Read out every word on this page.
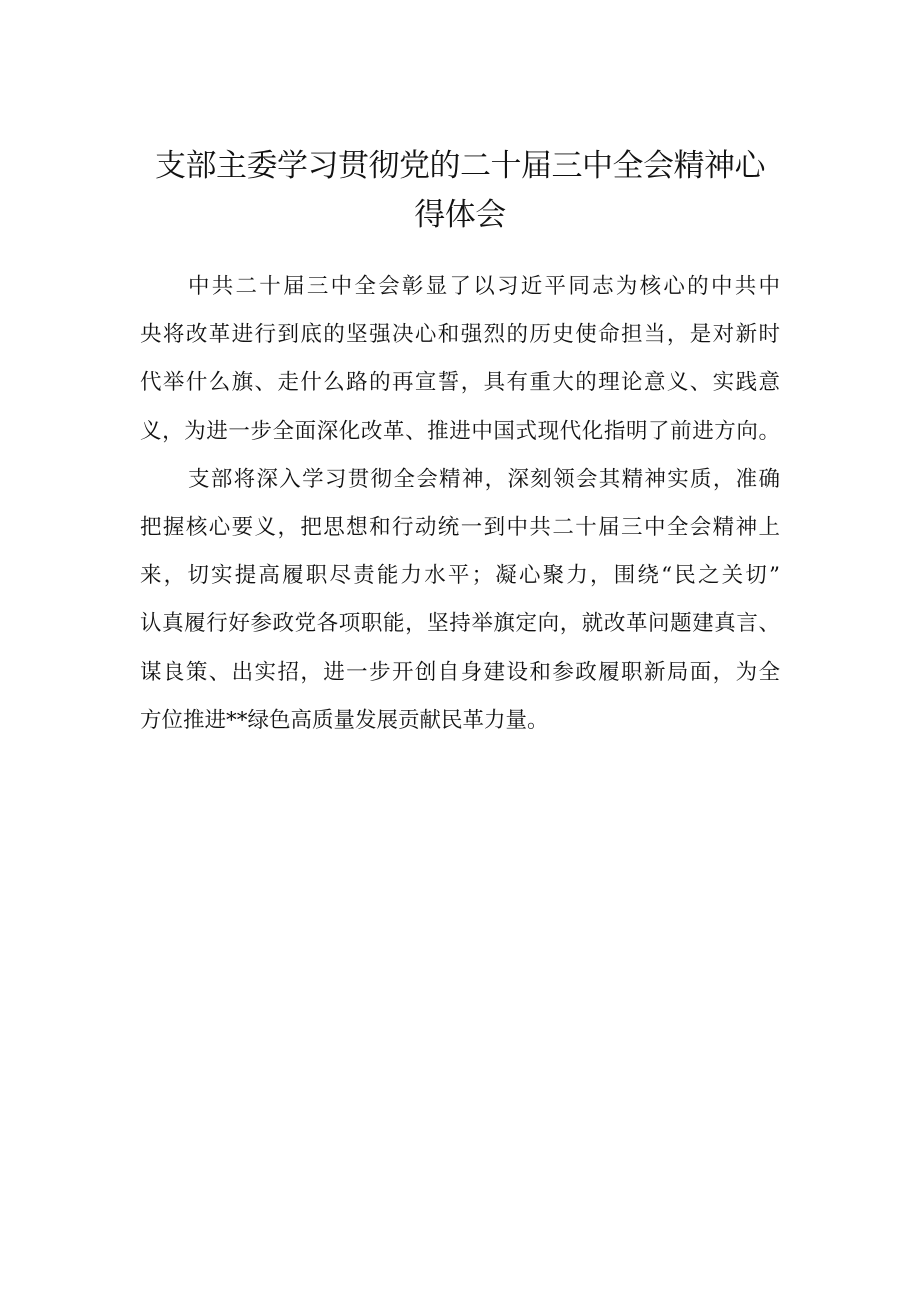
支部主委学习贯彻党的二十届三中全会精神心
得体会
中共二十届三中全会彰显了以习近平同志为核心的中共中
央将改革进行到底的坚强决心和强烈的历史使命担当，是对新时
代举什么旗、走什么路的再宣誓，具有重大的理论意义、实践意
义，为进一步全面深化改革、推进中国式现代化指明了前进方向。
支部将深入学习贯彻全会精神，深刻领会其精神实质，准确
把握核心要义，把思想和行动统一到中共二十届三中全会精神上
来，切实提高履职尽责能力水平；凝心聚力，围绕“民之关切”
认真履行好参政党各项职能，坚持举旗定向，就改革问题建真言、
谋良策、出实招，进一步开创自身建设和参政履职新局面，为全
方位推进**绿色高质量发展贡献民革力量。
